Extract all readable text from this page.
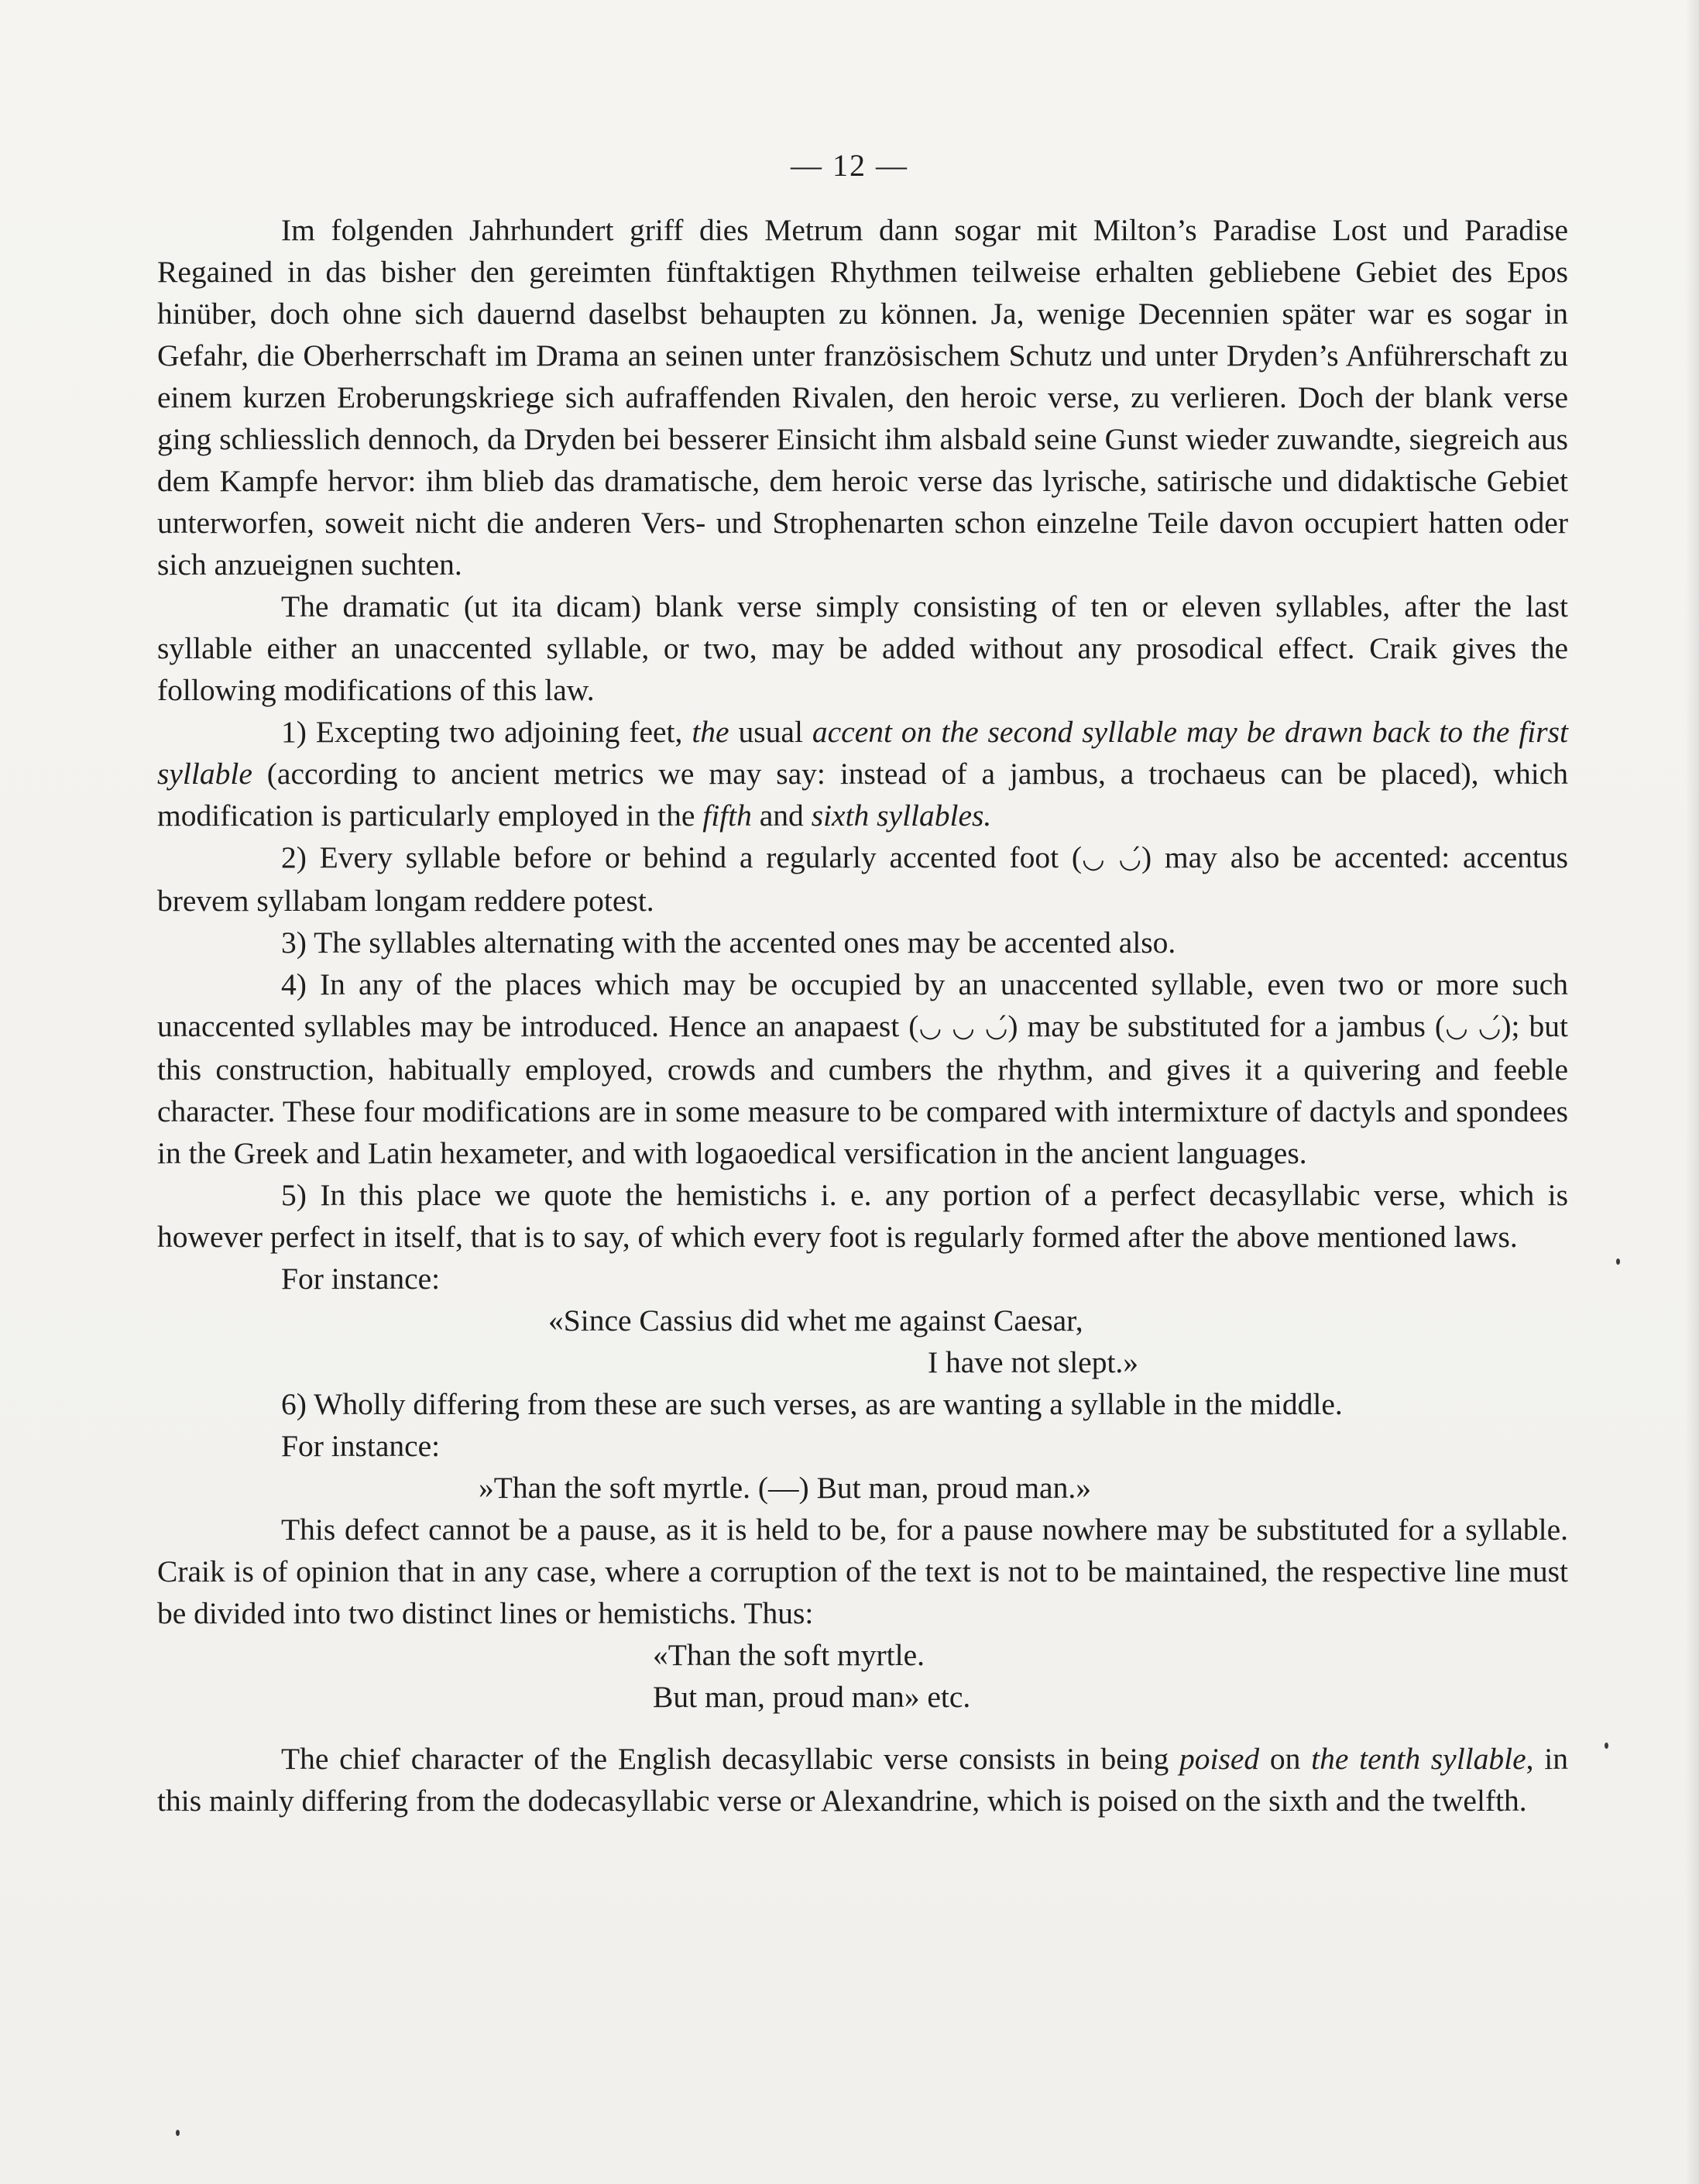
— 12 —

Im folgenden Jahrhundert griff dies Metrum dann sogar mit Milton’s Paradise Lost und Paradise Regained in das bisher den gereimten fünftaktigen Rhythmen teilweise erhalten gebliebene Gebiet des Epos hinüber, doch ohne sich dauernd daselbst behaupten zu können. Ja, wenige Decennien später war es sogar in Gefahr, die Oberherrschaft im Drama an seinen unter französischem Schutz und unter Dryden’s Anführerschaft zu einem kurzen Eroberungskriege sich aufraffenden Rivalen, den heroic verse, zu verlieren. Doch der blank verse ging schliesslich dennoch, da Dryden bei besserer Einsicht ihm alsbald seine Gunst wieder zuwandte, siegreich aus dem Kampfe hervor: ihm blieb das dramatische, dem heroic verse das lyrische, satirische und didaktische Gebiet unterworfen, soweit nicht die anderen Vers- und Strophenarten schon einzelne Teile davon occupiert hatten oder sich anzueignen suchten.

The dramatic (ut ita dicam) blank verse simply consisting of ten or eleven syllables, after the last syllable either an unaccented syllable, or two, may be added without any prosodical effect. Craik gives the following modifications of this law.

1) Excepting two adjoining feet, the usual accent on the second syllable may be drawn back to the first syllable (according to ancient metrics we may say: instead of a jambus, a trochaeus can be placed), which modification is particularly employed in the fifth and sixth syllables.

2) Every syllable before or behind a regularly accented foot (◡ ◡́) may also be accented: accentus brevem syllabam longam reddere potest.

3) The syllables alternating with the accented ones may be accented also.

4) In any of the places which may be occupied by an unaccented syllable, even two or more such unaccented syllables may be introduced. Hence an anapaest (◡ ◡ ◡́) may be substituted for a jambus (◡ ◡́); but this construction, habitually employed, crowds and cumbers the rhythm, and gives it a quivering and feeble character. These four modifications are in some measure to be compared with intermixture of dactyls and spondees in the Greek and Latin hexameter, and with logaoedical versification in the ancient languages.

5) In this place we quote the hemistichs i. e. any portion of a perfect decasyllabic verse, which is however perfect in itself, that is to say, of which every foot is regularly formed after the above mentioned laws.

For instance:

«Since Cassius did whet me against Caesar,

I have not slept.»

6) Wholly differing from these are such verses, as are wanting a syllable in the middle.

For instance:

»Than the soft myrtle. (—) But man, proud man.»

This defect cannot be a pause, as it is held to be, for a pause nowhere may be substituted for a syllable. Craik is of opinion that in any case, where a corruption of the text is not to be maintained, the respective line must be divided into two distinct lines or hemistichs. Thus:

«Than the soft myrtle.

But man, proud man» etc.

The chief character of the English decasyllabic verse consists in being poised on the tenth syllable, in this mainly differing from the dodecasyllabic verse or Alexandrine, which is poised on the sixth and the twelfth.
